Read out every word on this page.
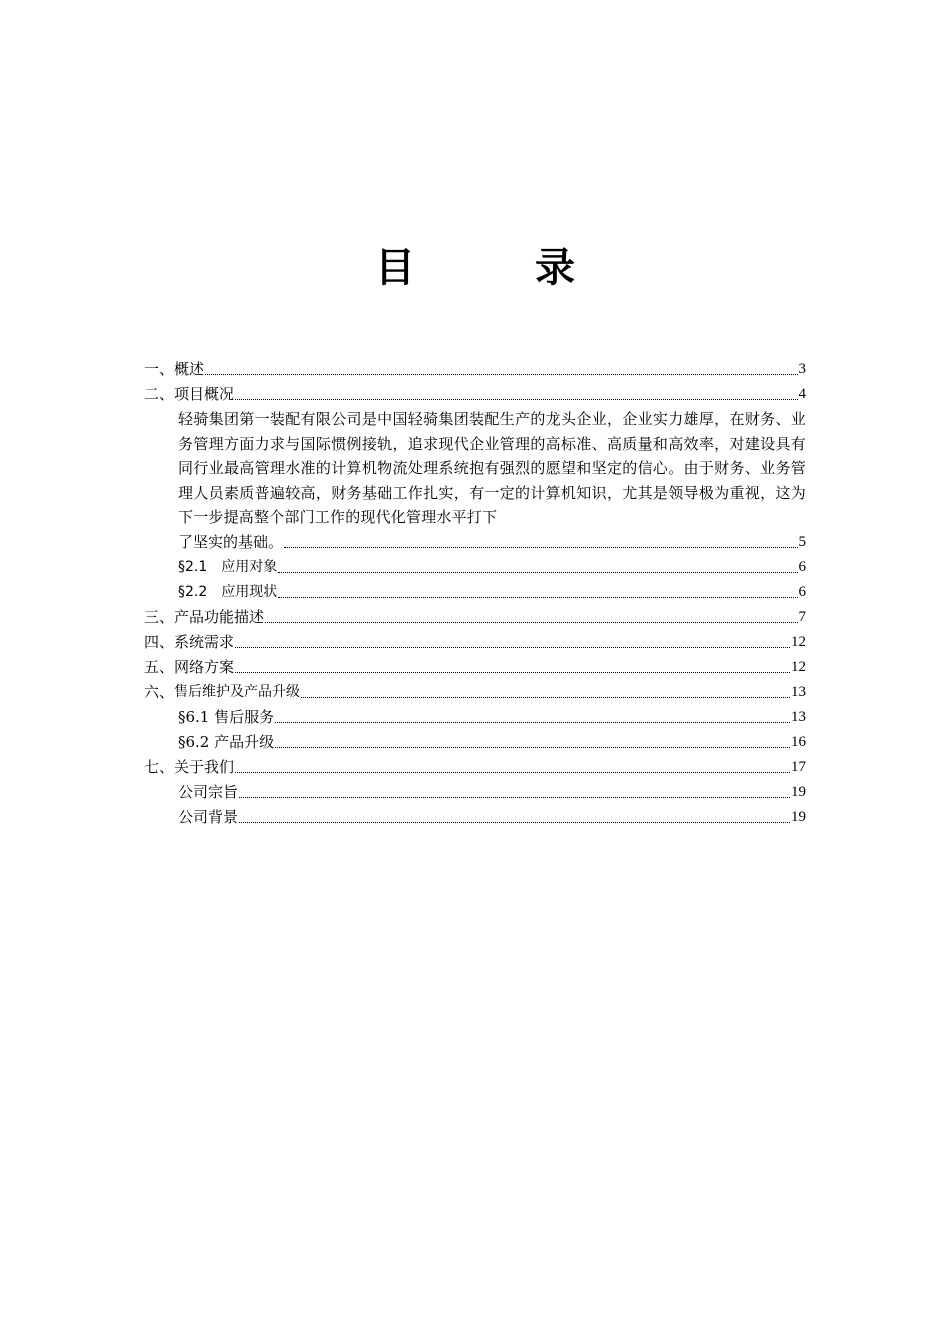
目	录
一、概述	3
二、项目概况	4
轻骑集团第一装配有限公司是中国轻骑集团装配生产的龙头企业，企业实力雄厚，在财务、业务管理方面力求与国际惯例接轨，追求现代企业管理的高标准、高质量和高效率，对建设具有同行业最高管理水准的计算机物流处理系统抱有强烈的愿望和坚定的信心。由于财务、业务管理人员素质普遍较高，财务基础工作扎实，有一定的计算机知识，尤其是领导极为重视，这为下一步提高整个部门工作的现代化管理水平打下
了坚实的基础。	5
§2.1　应用对象	6
§2.2　应用现状	6
三、产品功能描述	7
四、系统需求	12
五、网络方案	12
六、 售后维护及产品升级	13
§6.1 售后服务	13
§6.2 产品升级	16
七、关于我们	17
公司宗旨	19
公司背景	19
